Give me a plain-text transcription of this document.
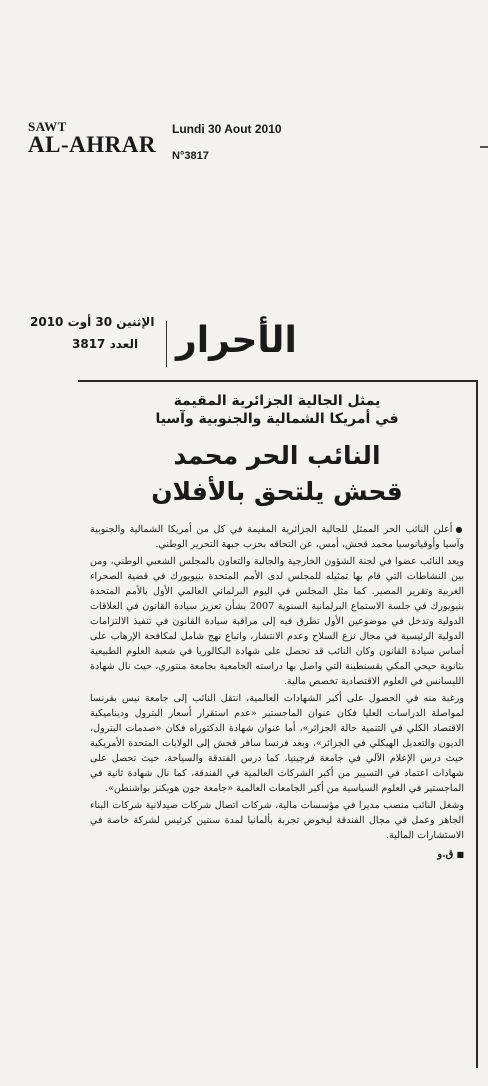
SAWT
AL-AHRAR
Lundi 30 Aout 2010
N°3817
الإثنين 30 أوت 2010
العدد 3817 الأحرار
يمثل الجالية الجزائرية المقيمة
في أمريكا الشمالية والجنوبية وآسيا
النائب الحر محمد
قحش يلتحق بالأفلان

● أعلن النائب الحر الممثل للجالية الجزائرية المقيمة في كل من أمريكا الشمالية والجنوبية وآسيا وأوقيانوسيا محمد قحش، أمس، عن التحاقه بحزب جبهة التحرير الوطني.

ويعد النائب عضوا في لجنة الشؤون الخارجية والجالية والتعاون بالمجلس الشعبي الوطني، ومن بين النشاطات التي قام بها تمثيله للمجلس لدى الأمم المتحدة بنيويورك في قضية الصحراء الغربية وتقرير المصير. كما مثل المجلس في اليوم البرلماني العالمي الأول بالأمم المتحدة بنيويورك في جلسة الاستماع البرلمانية السنوية 2007 بشأن تعزيز سيادة القانون في العلاقات الدولية وتدخل في موضوعين الأول تطرق فيه إلى مراقبة سيادة القانون في تنفيذ الالتزامات الدولية الرئيسية في مجال نزع السلاح وعدم الانتشار، واتباع نهج شامل لمكافحة الإرهاب على أساس سيادة القانون وكان النائب قد تحصل على شهادة البكالوريا في شعبة العلوم الطبيعية بثانوية حيحي المكي بقسنطينة التي واصل بها دراسته الجامعية بجامعة منتوري، حيث نال شهادة الليسانس في العلوم الاقتصادية تخصص مالية.

ورغبة منه في الحصول على أكبر الشهادات العالمية، انتقل النائب إلى جامعة نيس بفرنسا لمواصلة الدراسات العليا فكان عنوان الماجستير «عدم استقرار أسعار البترول وديناميكية الاقتصاد الكلي في التنمية حالة الجزائر»، أما عنوان شهادة الدكتوراه فكان «صدمات البترول، الديون والتعديل الهيكلي في الجزائر»، وبعد فرنسا سافر قحش إلى الولايات المتحدة الأمريكية حيث درس الإعلام الآلي في جامعة فرجينيا، كما درس الفندقة والسياحة، حيث تحصل على شهادات اعتماد في التسيير من أكبر الشركات العالمية في الفندقة، كما نال شهادة ثانية في الماجستير في العلوم السياسية من أكبر الجامعات العالمية «جامعة جون هوبكنز بواشنطن».

وشغل النائب منصب مديرا في مؤسسات مالية، شركات اتصال شركات صيدلانية شركات البناء الجاهز وعمل في مجال الفندقة ليخوض تجربة بألمانيا لمدة سنتين كرئيس لشركة خاصة في الاستشارات المالية.

■ ق.و
